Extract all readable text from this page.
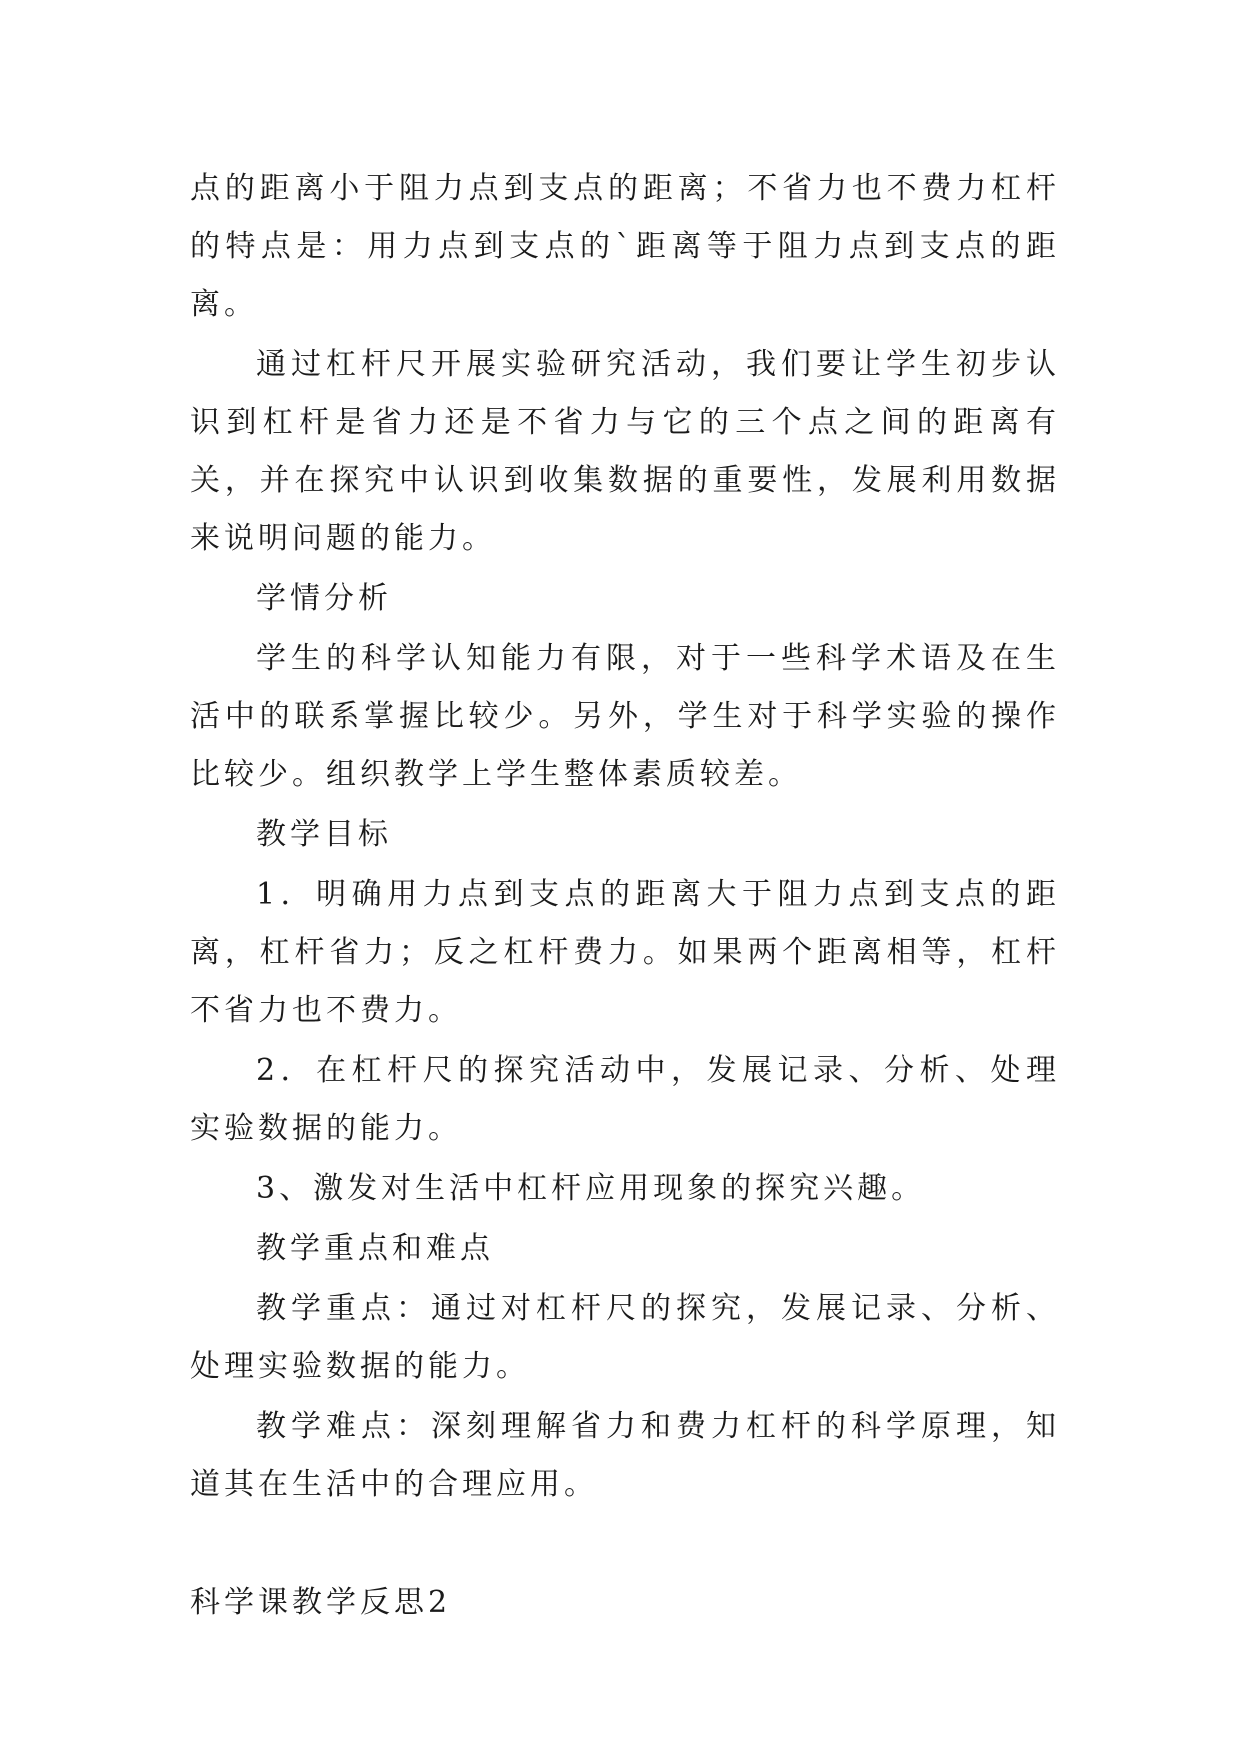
点的距离小于阻力点到支点的距离；不省力也不费力杠杆的特点是：用力点到支点的`距离等于阻力点到支点的距离。

通过杠杆尺开展实验研究活动，我们要让学生初步认识到杠杆是省力还是不省力与它的三个点之间的距离有关，并在探究中认识到收集数据的重要性，发展利用数据来说明问题的能力。

学情分析

学生的科学认知能力有限，对于一些科学术语及在生活中的联系掌握比较少。另外，学生对于科学实验的操作比较少。组织教学上学生整体素质较差。

教学目标

1．明确用力点到支点的距离大于阻力点到支点的距离，杠杆省力；反之杠杆费力。如果两个距离相等，杠杆不省力也不费力。

2．在杠杆尺的探究活动中，发展记录、分析、处理实验数据的能力。

3、激发对生活中杠杆应用现象的探究兴趣。

教学重点和难点

教学重点：通过对杠杆尺的探究，发展记录、分析、处理实验数据的能力。

教学难点：深刻理解省力和费力杠杆的科学原理，知道其在生活中的合理应用。

科学课教学反思2
